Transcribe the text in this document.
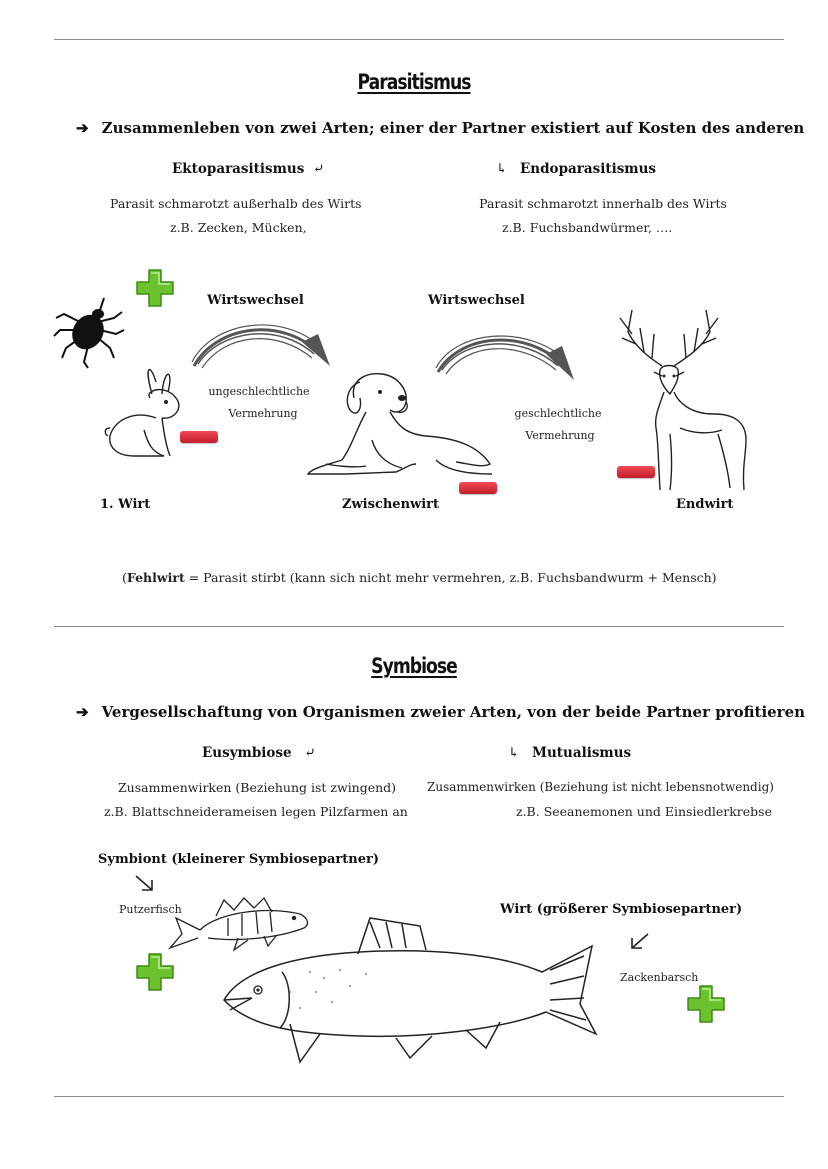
Parasitismus
➔ Zusammenleben von zwei Arten; einer der Partner existiert auf Kosten des anderen
Ektoparasitismus ⤶	↳ Endoparasitismus
Parasit schmarotzt außerhalb des Wirts
z.B. Zecken, Mücken,
Parasit schmarotzt innerhalb des Wirts
z.B. Fuchsbandwürmer, ….
Wirtswechsel	Wirtswechsel
ungeschlechtliche
Vermehrung	geschlechtliche
Vermehrung
1. Wirt	Zwischenwirt	Endwirt
(Fehlwirt = Parasit stirbt (kann sich nicht mehr vermehren, z.B. Fuchsbandwurm + Mensch)
Symbiose
➔ Vergesellschaftung von Organismen zweier Arten, von der beide Partner profitieren
Eusymbiose ⤶	↳ Mutualismus
Zusammenwirken (Beziehung ist zwingend)
z.B. Blattschneiderameisen legen Pilzfarmen an
Zusammenwirken (Beziehung ist nicht lebensnotwendig)
z.B. Seeanemonen und Einsiedlerkrebse
Symbiont (kleinerer Symbiosepartner)
Putzerfisch	Wirt (größerer Symbiosepartner)
Zackenbarsch
